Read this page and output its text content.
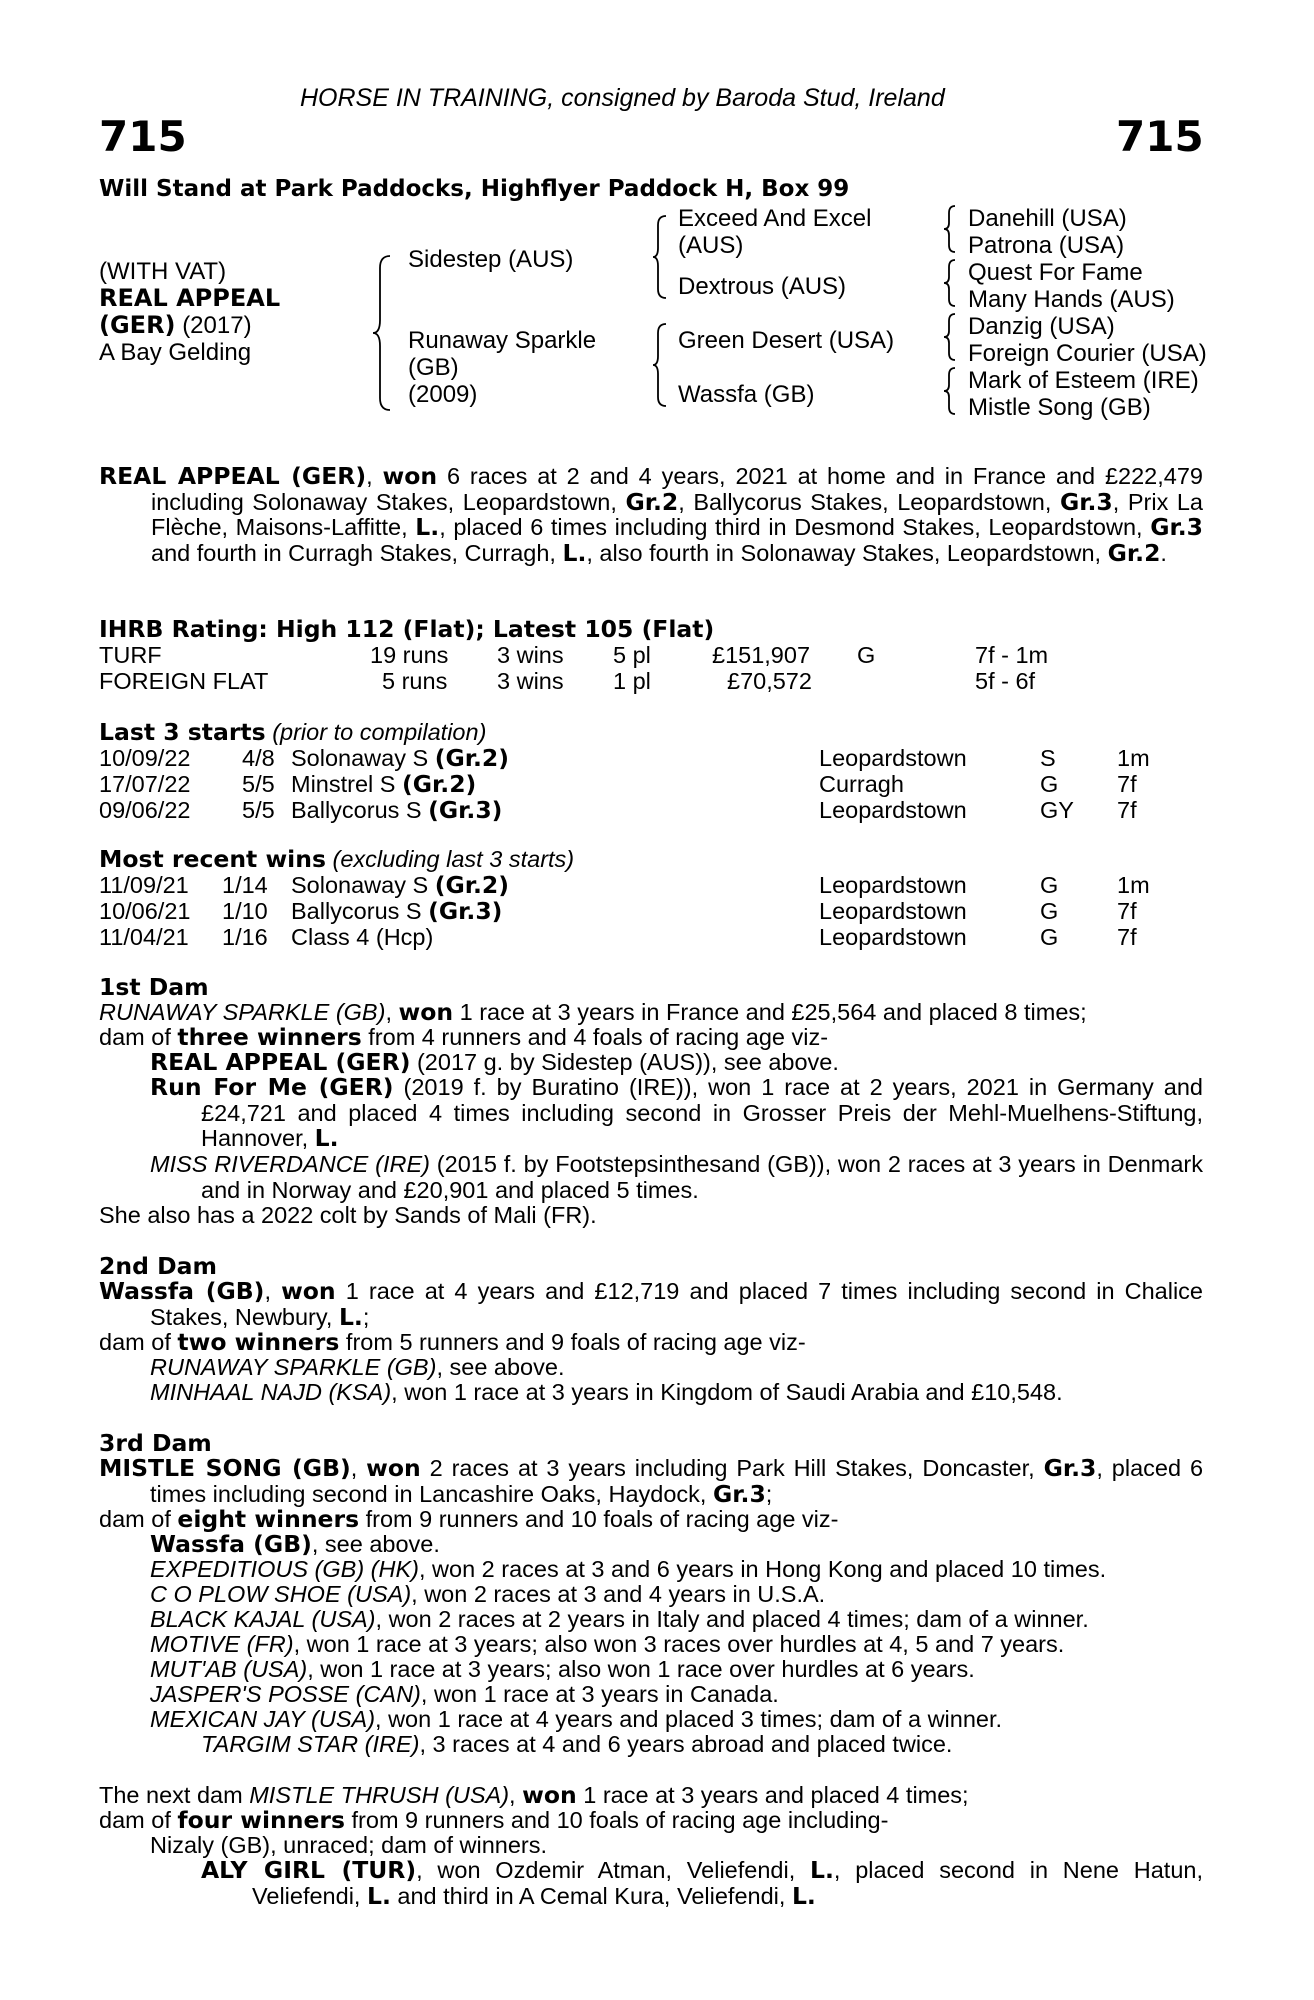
HORSE IN TRAINING, consigned by Baroda Stud, Ireland
715	715
Will Stand at Park Paddocks, Highflyer Paddock H, Box 99
(WITH VAT)
REAL APPEAL
(GER) (2017)
A Bay Gelding
Sidestep (AUS)
Runaway Sparkle
(GB)
(2009)
Exceed And Excel
(AUS)
Dextrous (AUS)
Green Desert (USA)
Wassfa (GB)
Danehill (USA)
Patrona (USA)
Quest For Fame
Many Hands (AUS)
Danzig (USA)
Foreign Courier (USA)
Mark of Esteem (IRE)
Mistle Song (GB)
REAL APPEAL (GER), won 6 races at 2 and 4 years, 2021 at home and in France and £222,479 including Solonaway Stakes, Leopardstown, Gr.2, Ballycorus Stakes, Leopardstown, Gr.3, Prix La Flèche, Maisons-Laffitte, L., placed 6 times including third in Desmond Stakes, Leopardstown, Gr.3 and fourth in Curragh Stakes, Curragh, L., also fourth in Solonaway Stakes, Leopardstown, Gr.2.
IHRB Rating: High 112 (Flat); Latest 105 (Flat)
TURF	19 runs 3 wins 5 pl	£151,907 G	7f - 1m
FOREIGN FLAT	5 runs 3 wins 1 pl	£70,572	5f - 6f
Last 3 starts (prior to compilation)
10/09/22 4/8 Solonaway S (Gr.2)	Leopardstown	S	1m
17/07/22 5/5 Minstrel S (Gr.2)	Curragh	G 7f
09/06/22 5/5 Ballycorus S (Gr.3)	Leopardstown	GY 7f
Most recent wins (excluding last 3 starts)
11/09/21 1/14 Solonaway S (Gr.2)	Leopardstown	G 1m
10/06/21 1/10 Ballycorus S (Gr.3)	Leopardstown	G 7f
11/04/21 1/16 Class 4 (Hcp)	Leopardstown	G 7f
1st Dam
RUNAWAY SPARKLE (GB), won 1 race at 3 years in France and £25,564 and placed 8 times;
dam of three winners from 4 runners and 4 foals of racing age viz-
REAL APPEAL (GER) (2017 g. by Sidestep (AUS)), see above.
Run For Me (GER) (2019 f. by Buratino (IRE)), won 1 race at 2 years, 2021 in Germany and £24,721 and placed 4 times including second in Grosser Preis der Mehl-Muelhens-Stiftung, Hannover, L.
MISS RIVERDANCE (IRE) (2015 f. by Footstepsinthesand (GB)), won 2 races at 3 years in Denmark and in Norway and £20,901 and placed 5 times.
She also has a 2022 colt by Sands of Mali (FR).
2nd Dam
Wassfa (GB), won 1 race at 4 years and £12,719 and placed 7 times including second in Chalice Stakes, Newbury, L.;
dam of two winners from 5 runners and 9 foals of racing age viz-
RUNAWAY SPARKLE (GB), see above.
MINHAAL NAJD (KSA), won 1 race at 3 years in Kingdom of Saudi Arabia and £10,548.
3rd Dam
MISTLE SONG (GB), won 2 races at 3 years including Park Hill Stakes, Doncaster, Gr.3, placed 6 times including second in Lancashire Oaks, Haydock, Gr.3;
dam of eight winners from 9 runners and 10 foals of racing age viz-
Wassfa (GB), see above.
EXPEDITIOUS (GB) (HK), won 2 races at 3 and 6 years in Hong Kong and placed 10 times.
C O PLOW SHOE (USA), won 2 races at 3 and 4 years in U.S.A.
BLACK KAJAL (USA), won 2 races at 2 years in Italy and placed 4 times; dam of a winner.
MOTIVE (FR), won 1 race at 3 years; also won 3 races over hurdles at 4, 5 and 7 years.
MUT'AB (USA), won 1 race at 3 years; also won 1 race over hurdles at 6 years.
JASPER'S POSSE (CAN), won 1 race at 3 years in Canada.
MEXICAN JAY (USA), won 1 race at 4 years and placed 3 times; dam of a winner.
TARGIM STAR (IRE), 3 races at 4 and 6 years abroad and placed twice.
The next dam MISTLE THRUSH (USA), won 1 race at 3 years and placed 4 times;
dam of four winners from 9 runners and 10 foals of racing age including-
Nizaly (GB), unraced; dam of winners.
ALY GIRL (TUR), won Ozdemir Atman, Veliefendi, L., placed second in Nene Hatun, Veliefendi, L. and third in A Cemal Kura, Veliefendi, L.
